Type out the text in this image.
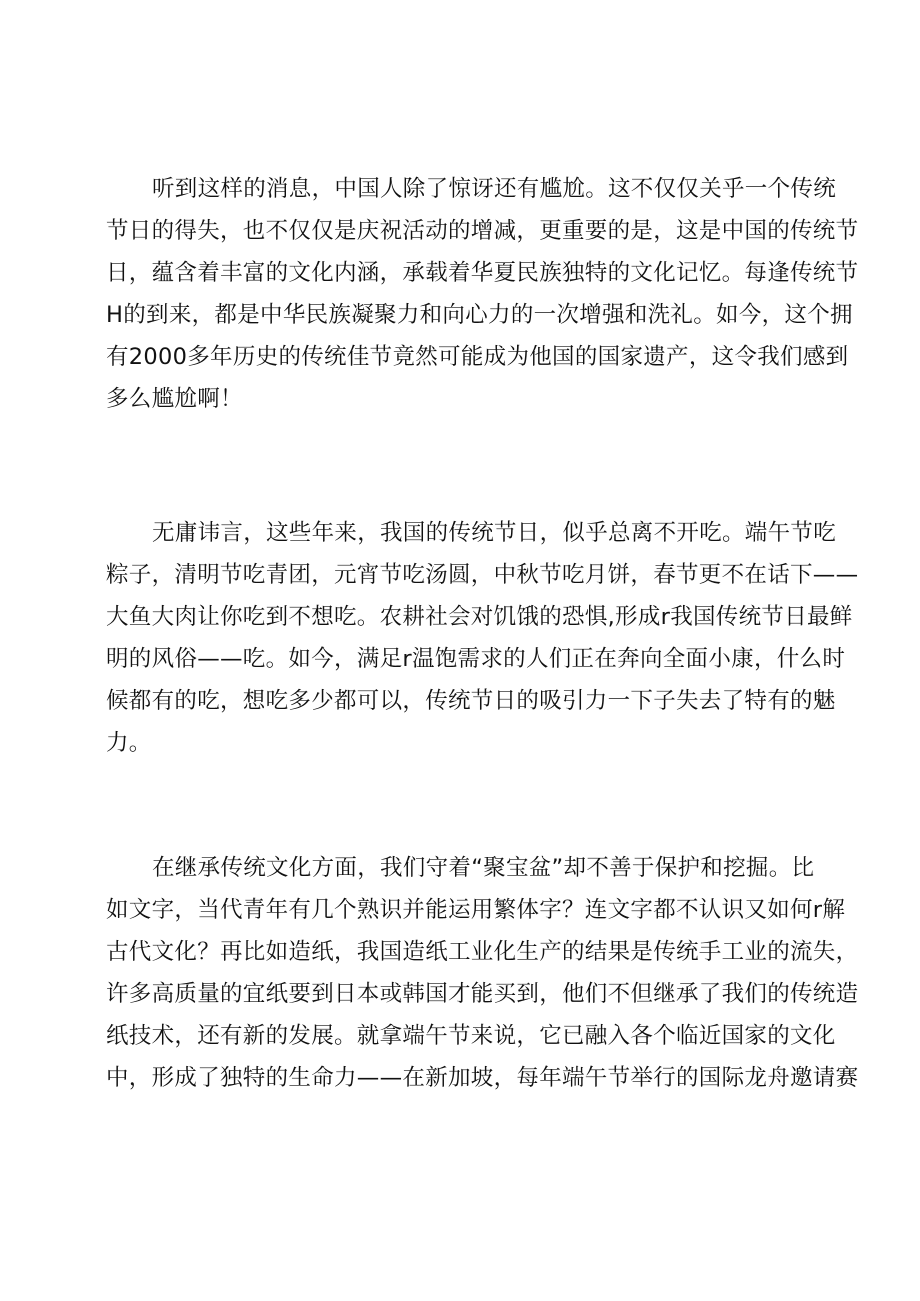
听到这样的消息，中国人除了惊讶还有尴尬。这不仅仅关乎一个传统
节日的得失，也不仅仅是庆祝活动的增减，更重要的是，这是中国的传统节
日，蕴含着丰富的文化内涵，承载着华夏民族独特的文化记忆。每逢传统节
H的到来，都是中华民族凝聚力和向心力的一次增强和洗礼。如今，这个拥
有2000多年历史的传统佳节竟然可能成为他国的国家遗产，这令我们感到
多么尴尬啊！
无庸讳言，这些年来，我国的传统节日，似乎总离不开吃。端午节吃
粽子，清明节吃青团，元宵节吃汤圆，中秋节吃月饼，春节更不在话下——
大鱼大肉让你吃到不想吃。农耕社会对饥饿的恐惧,形成r我国传统节日最鲜
明的风俗——吃。如今，满足r温饱需求的人们正在奔向全面小康，什么时
候都有的吃，想吃多少都可以，传统节日的吸引力一下子失去了特有的魅
力。
在继承传统文化方面，我们守着“聚宝盆”却不善于保护和挖掘。比
如文字，当代青年有几个熟识并能运用繁体字？连文字都不认识又如何r解
古代文化？再比如造纸，我国造纸工业化生产的结果是传统手工业的流失，
许多高质量的宜纸要到日本或韩国才能买到，他们不但继承了我们的传统造
纸技术，还有新的发展。就拿端午节来说，它已融入各个临近国家的文化
中，形成了独特的生命力——在新加坡，每年端午节举行的国际龙舟邀请赛
